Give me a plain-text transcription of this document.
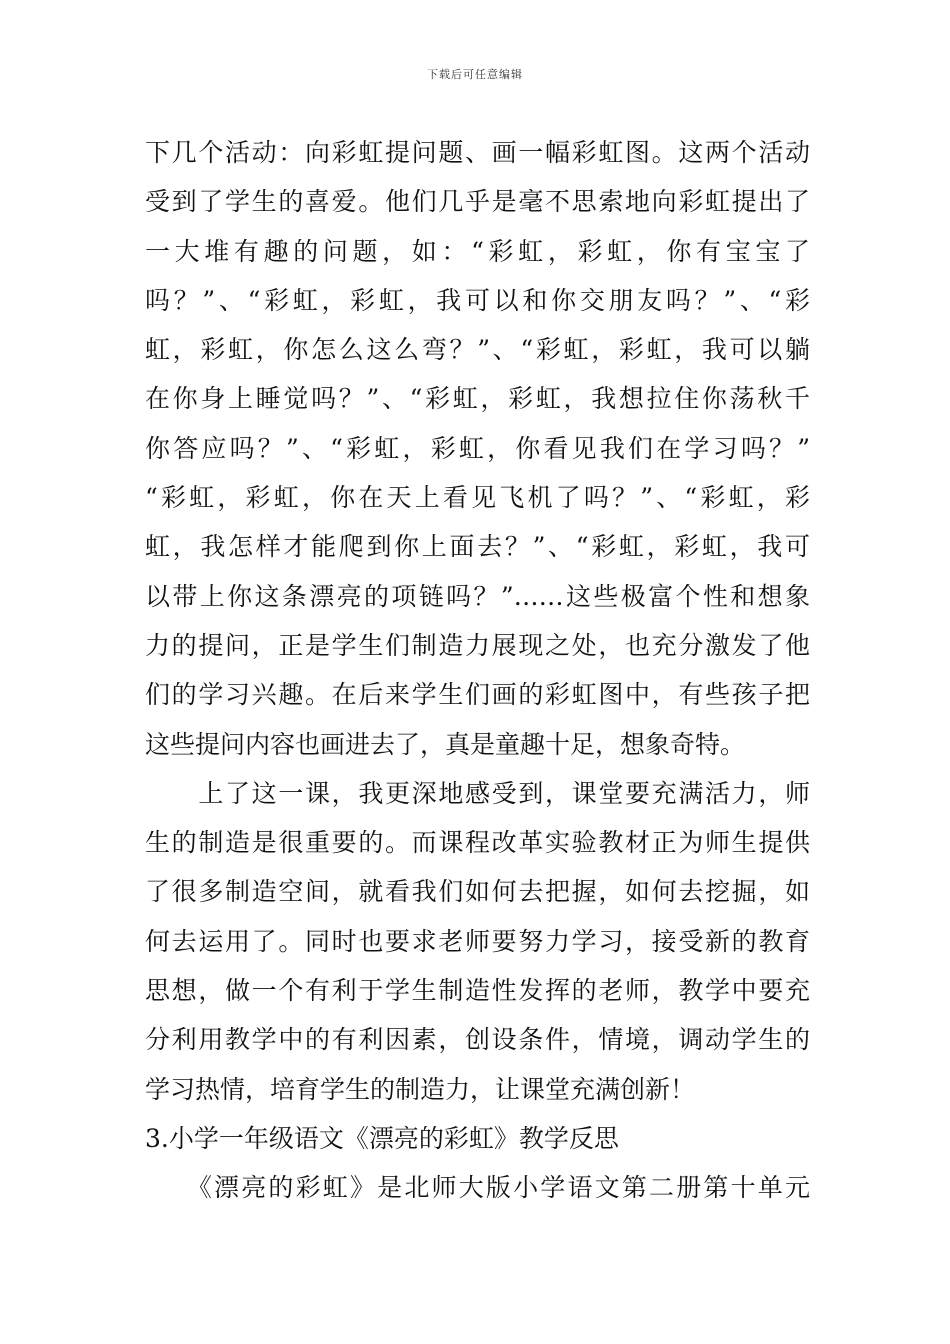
下载后可任意编辑
下几个活动：向彩虹提问题、画一幅彩虹图。这两个活动
受到了学生的喜爱。他们几乎是毫不思索地向彩虹提出了
一大堆有趣的问题，如：“彩虹，彩虹，你有宝宝了
吗？”、“彩虹，彩虹，我可以和你交朋友吗？”、“彩
虹，彩虹，你怎么这么弯？”、“彩虹，彩虹，我可以躺
在你身上睡觉吗？”、“彩虹，彩虹，我想拉住你荡秋千
你答应吗？”、“彩虹，彩虹，你看见我们在学习吗？”
“彩虹，彩虹，你在天上看见飞机了吗？”、“彩虹，彩
虹，我怎样才能爬到你上面去？”、“彩虹，彩虹，我可
以带上你这条漂亮的项链吗？”……这些极富个性和想象
力的提问，正是学生们制造力展现之处，也充分激发了他
们的学习兴趣。在后来学生们画的彩虹图中，有些孩子把
这些提问内容也画进去了，真是童趣十足，想象奇特。
　　上了这一课，我更深地感受到，课堂要充满活力，师
生的制造是很重要的。而课程改革实验教材正为师生提供
了很多制造空间，就看我们如何去把握，如何去挖掘，如
何去运用了。同时也要求老师要努力学习，接受新的教育
思想，做一个有利于学生制造性发挥的老师，教学中要充
分利用教学中的有利因素，创设条件，情境，调动学生的
学习热情，培育学生的制造力，让课堂充满创新！
3.小学一年级语文《漂亮的彩虹》教学反思
　　《漂亮的彩虹》是北师大版小学语文第二册第十单元
